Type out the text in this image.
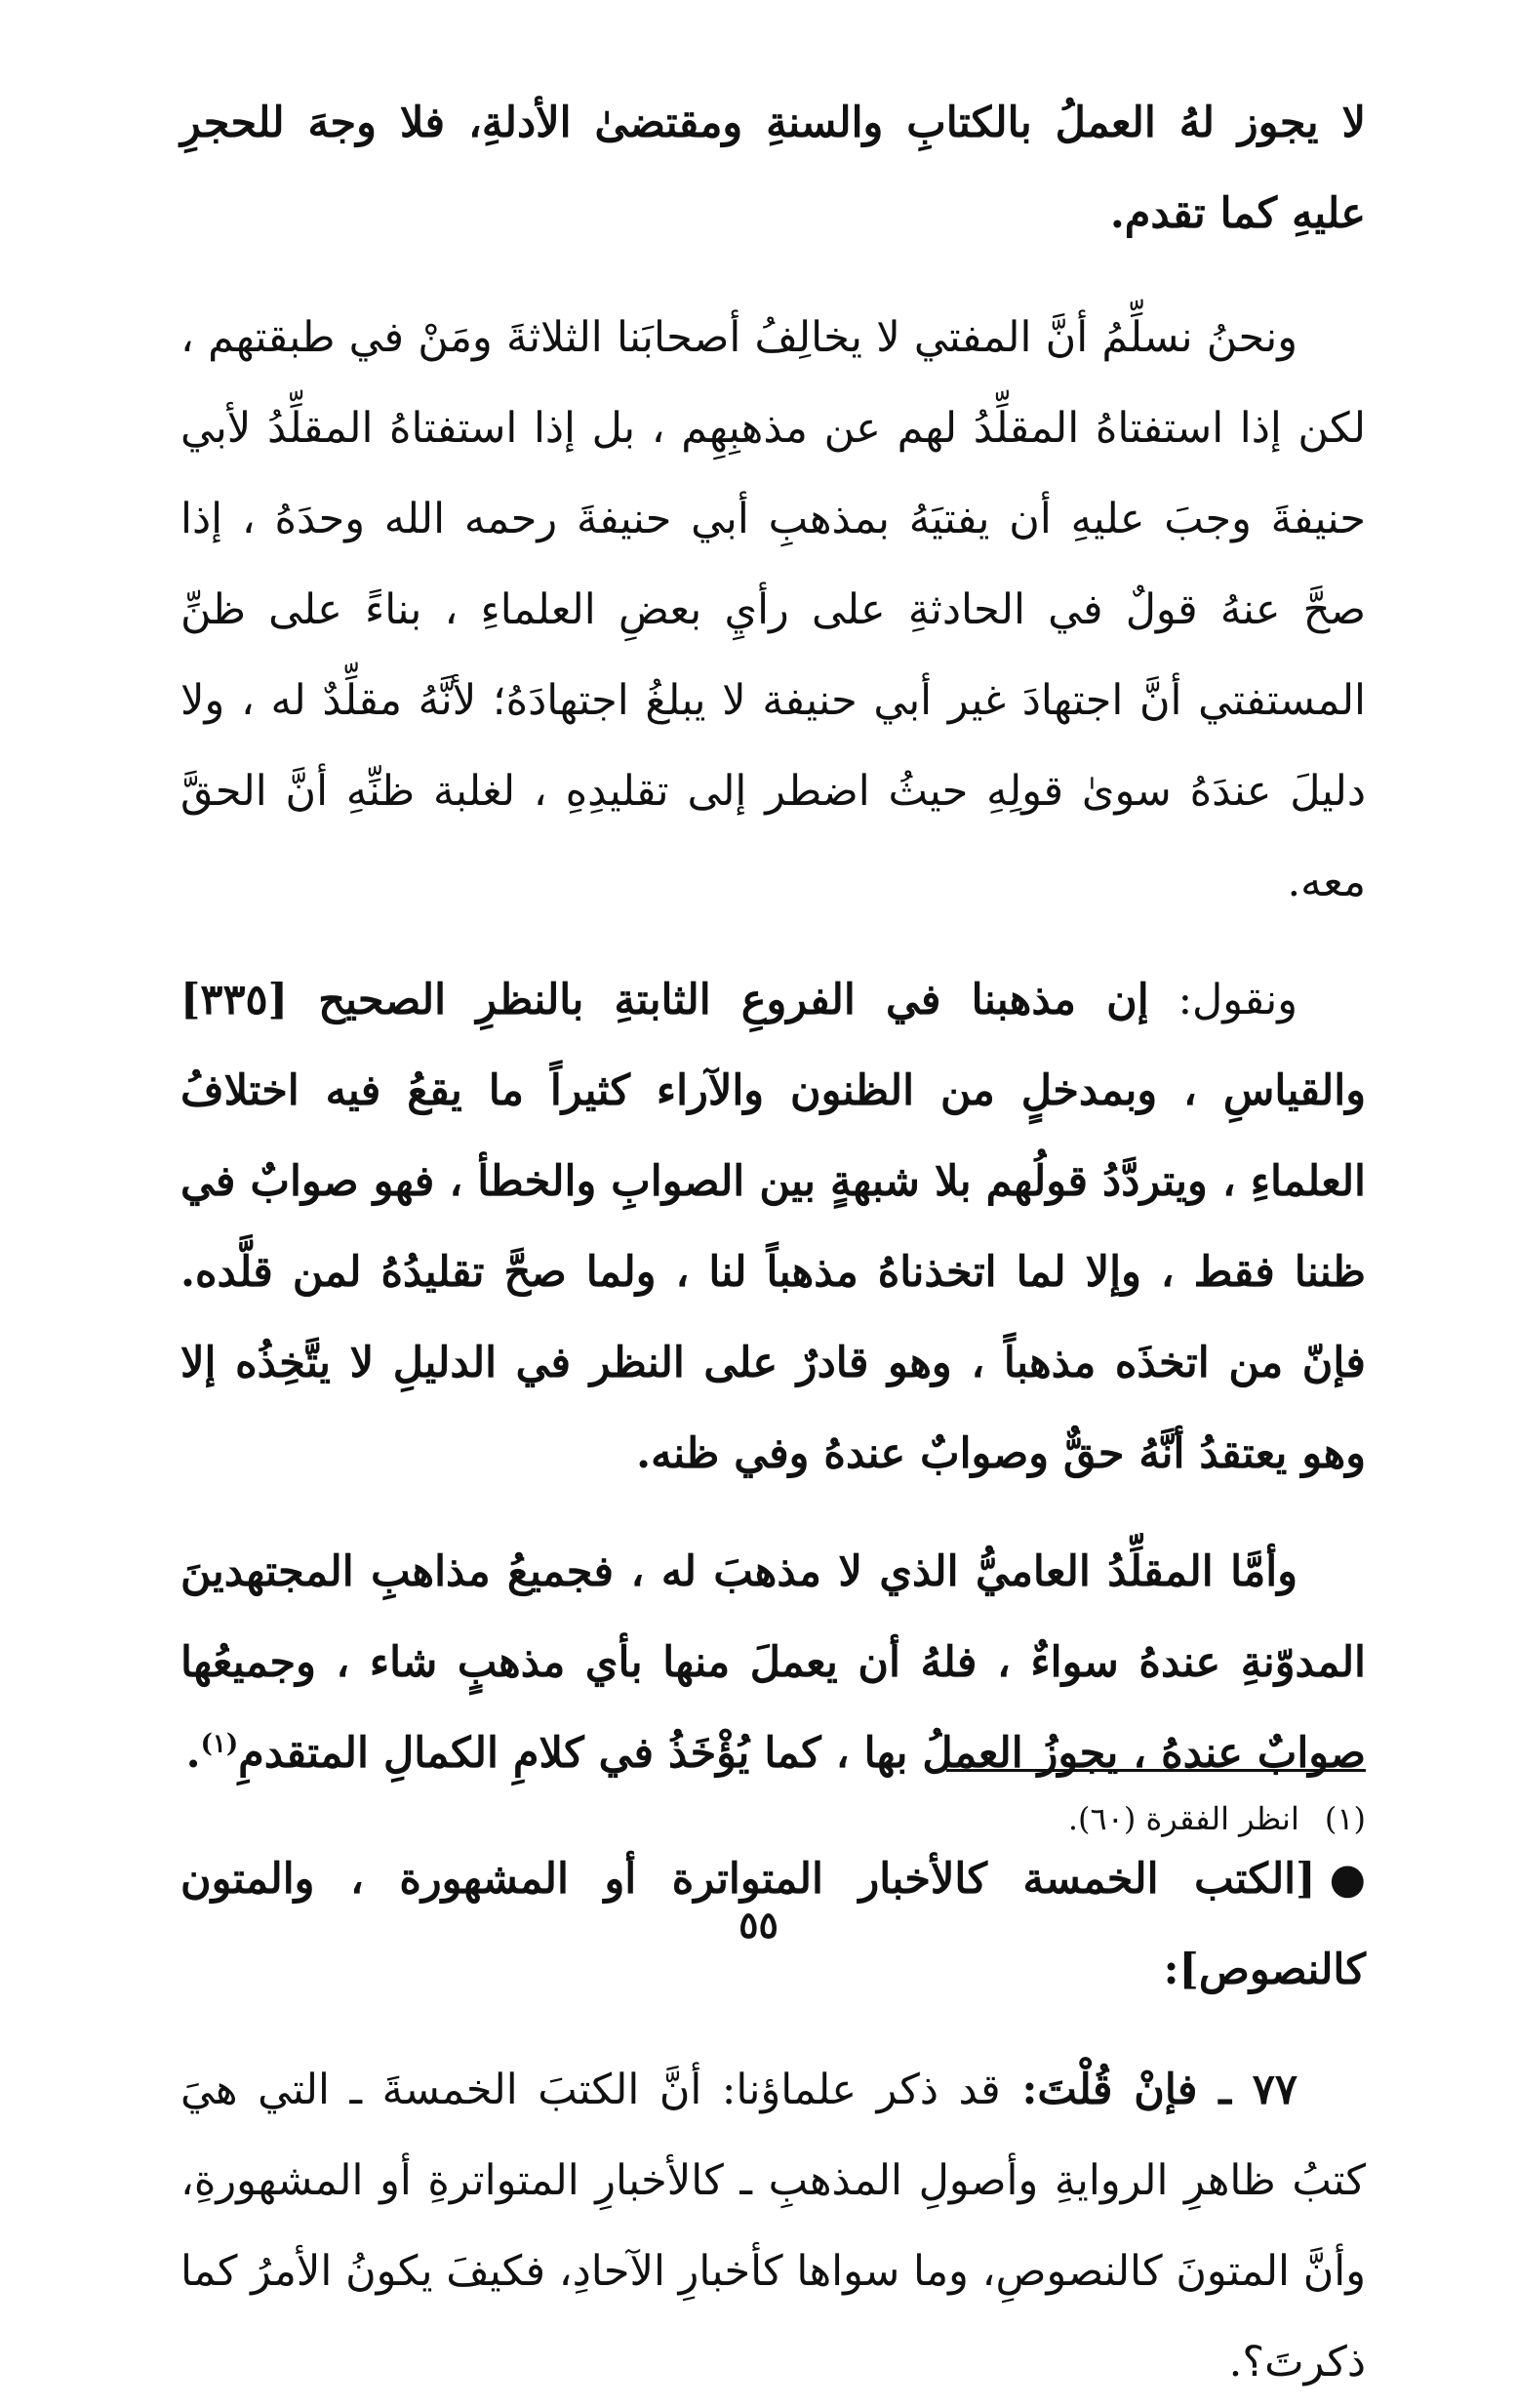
لا يجوز لهُ العملُ بالكتابِ والسنةِ ومقتضىٰ الأدلةِ، فلا وجهَ للحجرِ عليهِ كما تقدم.

ونحنُ نسلِّمُ أنَّ المفتي لا يخالِفُ أصحابَنا الثلاثةَ ومَنْ في طبقتهم ، لكن إذا استفتاهُ المقلِّدُ لهم عن مذهبِهِم ، بل إذا استفتاهُ المقلِّدُ لأبي حنيفةَ وجبَ عليهِ أن يفتيَهُ بمذهبِ أبي حنيفةَ رحمه الله وحدَهُ ، إذا صحَّ عنهُ قولٌ في الحادثةِ على رأيِ بعضِ العلماءِ ، بناءً على ظنِّ المستفتي أنَّ اجتهادَ غير أبي حنيفة لا يبلغُ اجتهادَهُ؛ لأنَّهُ مقلِّدٌ له ، ولا دليلَ عندَهُ سوىٰ قولِهِ حيثُ اضطر إلى تقليدِهِ ، لغلبة ظنِّهِ أنَّ الحقَّ معه.

ونقول: إن مذهبنا في الفروعِ الثابتةِ بالنظرِ الصحيح [٣٣٥] والقياسِ ، وبمدخلٍ من الظنون والآراء كثيراً ما يقعُ فيه اختلافُ العلماءِ ، ويتردَّدُ قولُهم بلا شبهةٍ بين الصوابِ والخطأ ، فهو صوابٌ في ظننا فقط ، وإلا لما اتخذناهُ مذهباً لنا ، ولما صحَّ تقليدُهُ لمن قلَّده. فإنّ من اتخذَه مذهباً ، وهو قادرٌ على النظر في الدليلِ لا يتَّخِذُه إلا وهو يعتقدُ أنَّهُ حقٌّ وصوابٌ عندهُ وفي ظنه.

وأمَّا المقلِّدُ العاميُّ الذي لا مذهبَ له ، فجميعُ مذاهبِ المجتهدينَ المدوّنةِ عندهُ سواءٌ ، فلهُ أن يعملَ منها بأي مذهبٍ شاء ، وجميعُها صوابٌ عندهُ ، يجوزُ العملُ بها ، كما يُؤْخَذُ في كلامِ الكمالِ المتقدمِ$^{(١)}$.

●[الكتب الخمسة كالأخبار المتواترة أو المشهورة ، والمتون كالنصوص]:

٧٧ ـ فإنْ قُلْتَ: قد ذكر علماؤنا: أنَّ الكتبَ الخمسةَ ـ التي هيَ كتبُ ظاهرِ الروايةِ وأصولِ المذهبِ ـ كالأخبارِ المتواترةِ أو المشهورةِ، وأنَّ المتونَ كالنصوصِ، وما سواها كأخبارِ الآحادِ، فكيفَ يكونُ الأمرُ كما ذكرتَ؟.

(١)انظر الفقرة (٦٠).
٥٥
